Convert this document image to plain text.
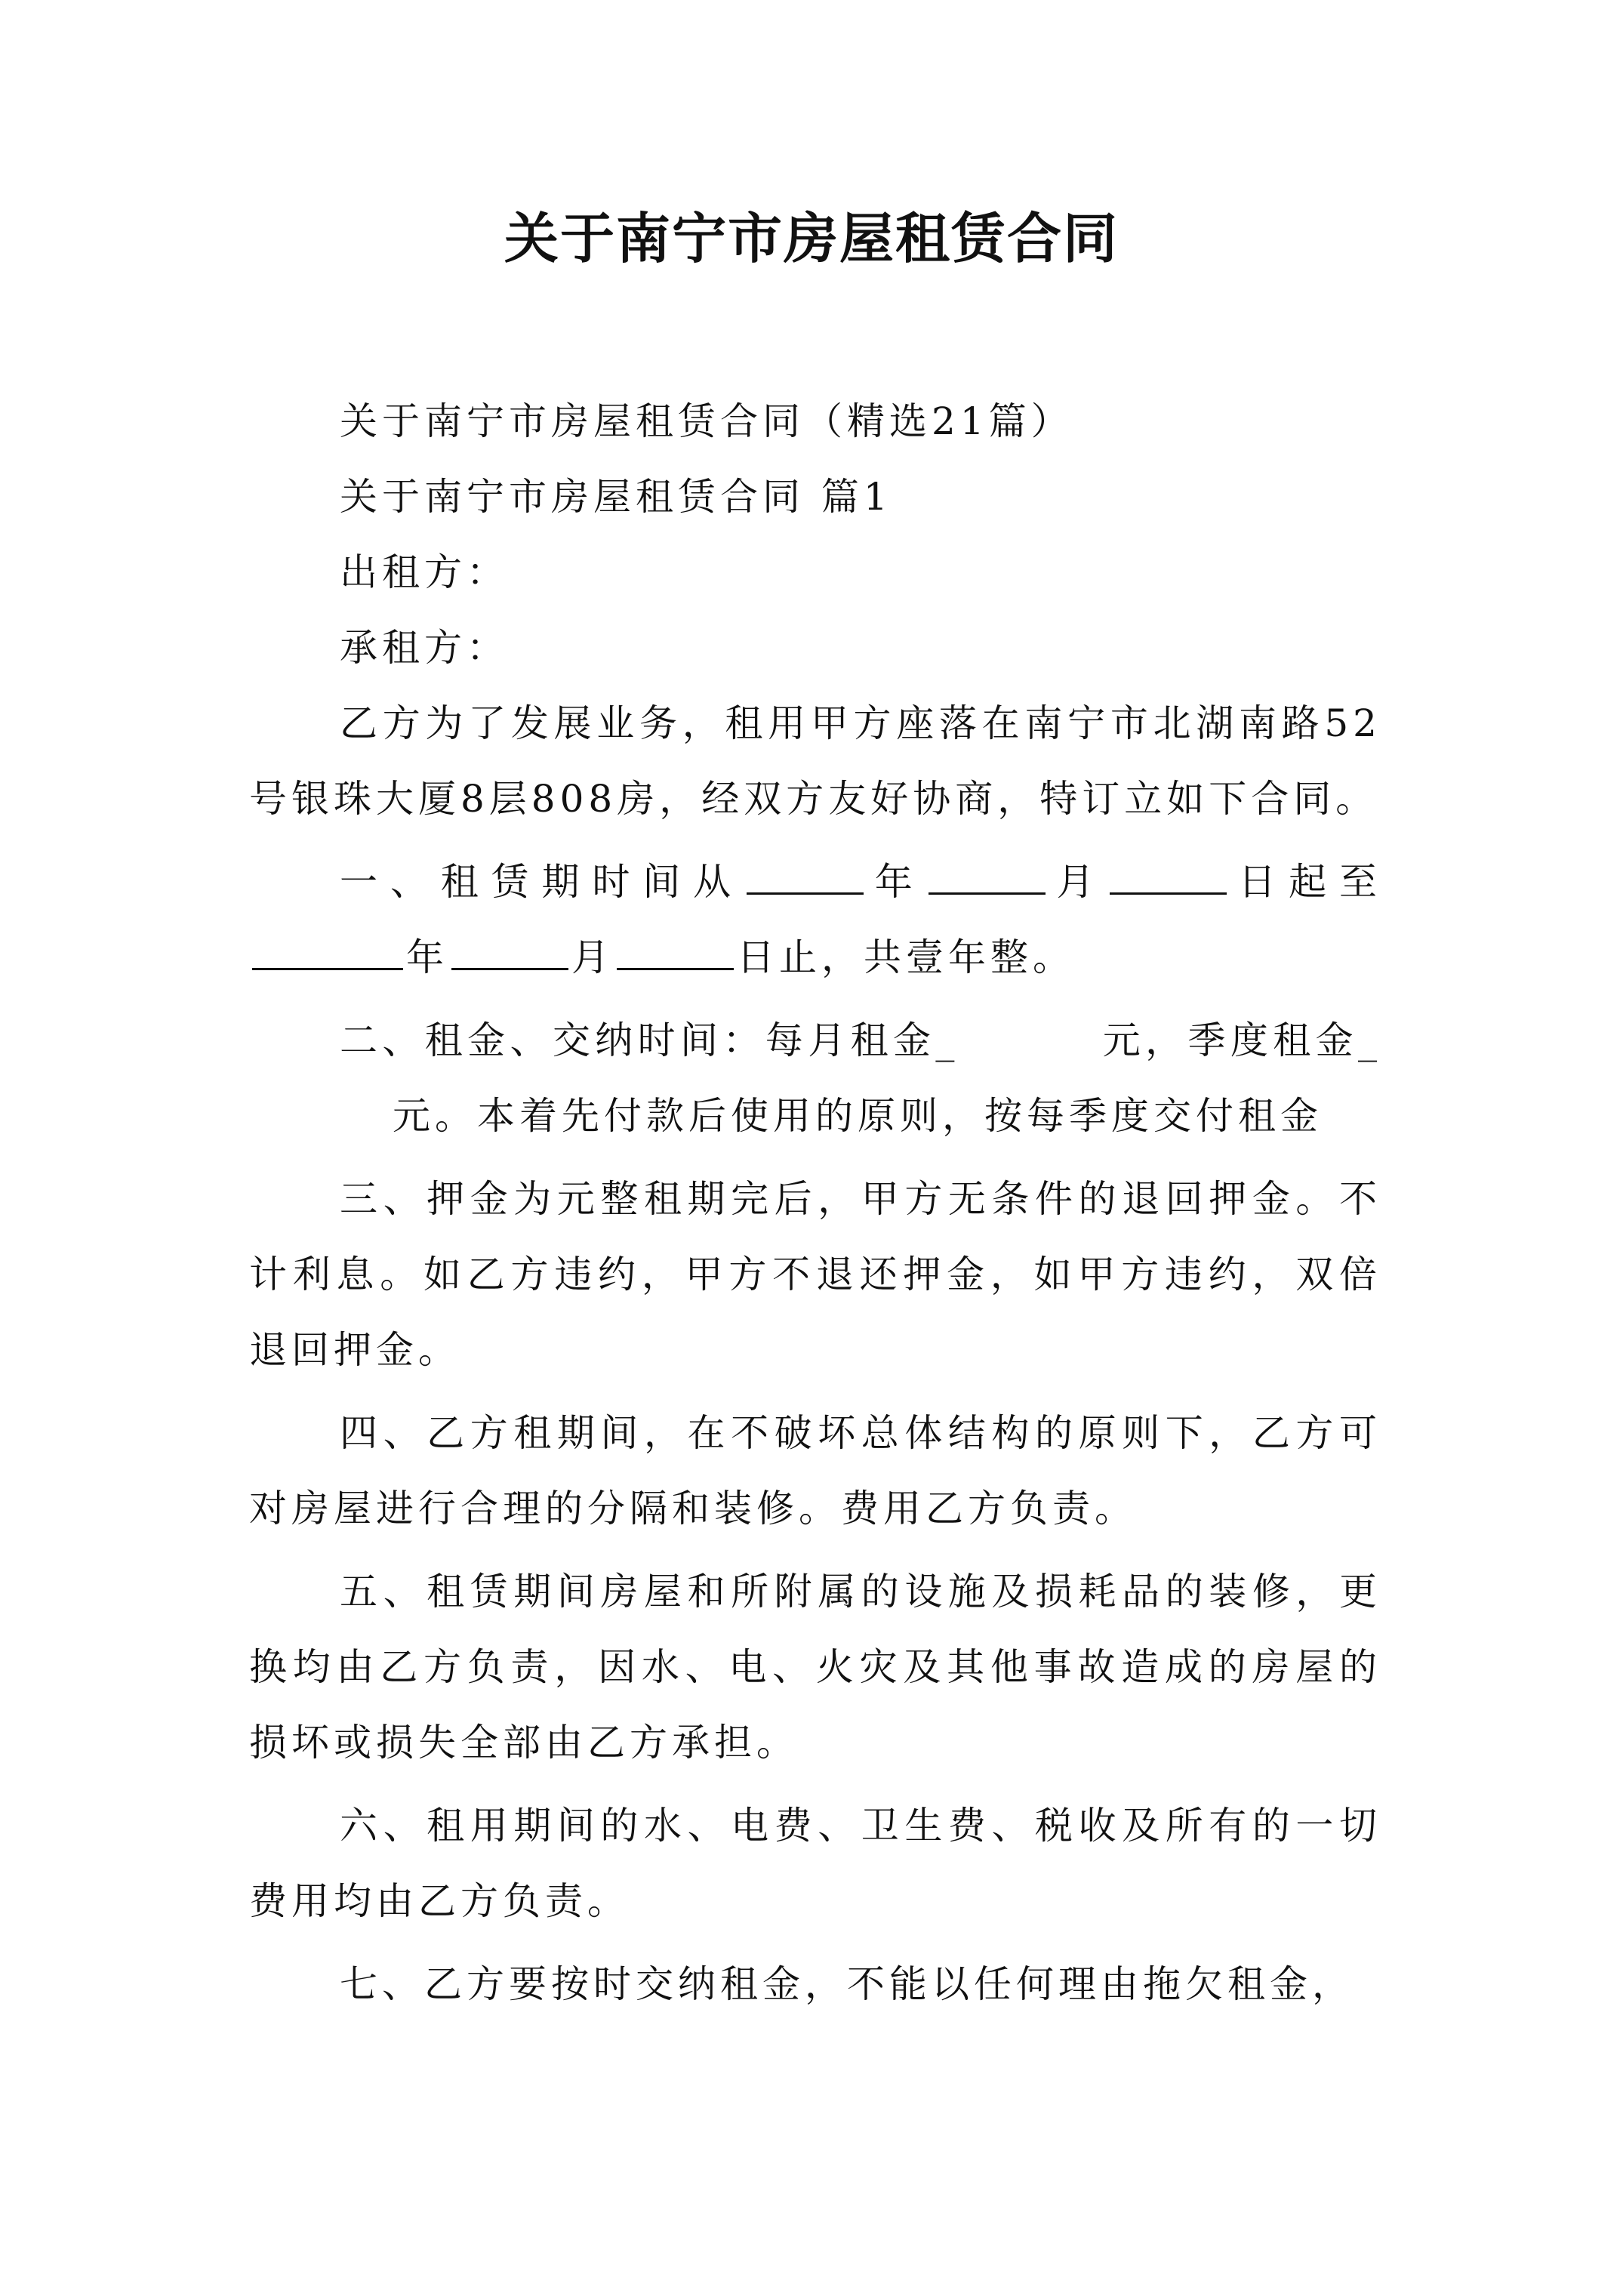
关于南宁市房屋租赁合同

关于南宁市房屋租赁合同（精选21篇）

关于南宁市房屋租赁合同 篇1

出租方：

承租方：

乙方为了发展业务，租用甲方座落在南宁市北湖南路52号银珠大厦8层808房，经双方友好协商，特订立如下合同。

一、租赁期时间从	年	月	日起至年	月	日止，共壹年整。

二、租金、交纳时间：每月租金_	元，季度租金_元。本着先付款后使用的原则，按每季度交付租金

三、押金为元整租期完后，甲方无条件的退回押金。不计利息。如乙方违约，甲方不退还押金，如甲方违约，双倍退回押金。

四、乙方租期间，在不破坏总体结构的原则下，乙方可对房屋进行合理的分隔和装修。费用乙方负责。

五、租赁期间房屋和所附属的设施及损耗品的装修，更换均由乙方负责，因水、电、火灾及其他事故造成的房屋的损坏或损失全部由乙方承担。

六、租用期间的水、电费、卫生费、税收及所有的一切费用均由乙方负责。

七、乙方要按时交纳租金，不能以任何理由拖欠租金，
